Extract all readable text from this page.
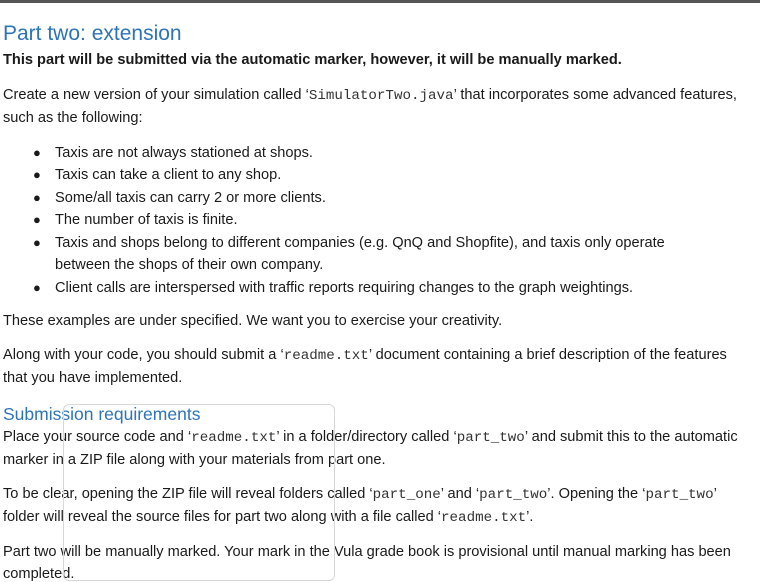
Part two: extension

This part will be submitted via the automatic marker, however, it will be manually marked.

Create a new version of your simulation called ‘SimulatorTwo.java’ that incorporates some advanced features, such as the following:

● Taxis are not always stationed at shops.
● Taxis can take a client to any shop.
● Some/all taxis can carry 2 or more clients.
● The number of taxis is finite.
● Taxis and shops belong to different companies (e.g. QnQ and Shopfite), and taxis only operate between the shops of their own company.
● Client calls are interspersed with traffic reports requiring changes to the graph weightings.

These examples are under specified. We want you to exercise your creativity.

Along with your code, you should submit a ‘readme.txt’ document containing a brief description of the features that you have implemented.

Submission requirements

Place your source code and ‘readme.txt’ in a folder/directory called ‘part_two’ and submit this to the automatic marker in a ZIP file along with your materials from part one.

To be clear, opening the ZIP file will reveal folders called ‘part_one’ and ‘part_two’. Opening the ‘part_two’ folder will reveal the source files for part two along with a file called ‘readme.txt’.

Part two will be manually marked. Your mark in the Vula grade book is provisional until manual marking has been completed.
